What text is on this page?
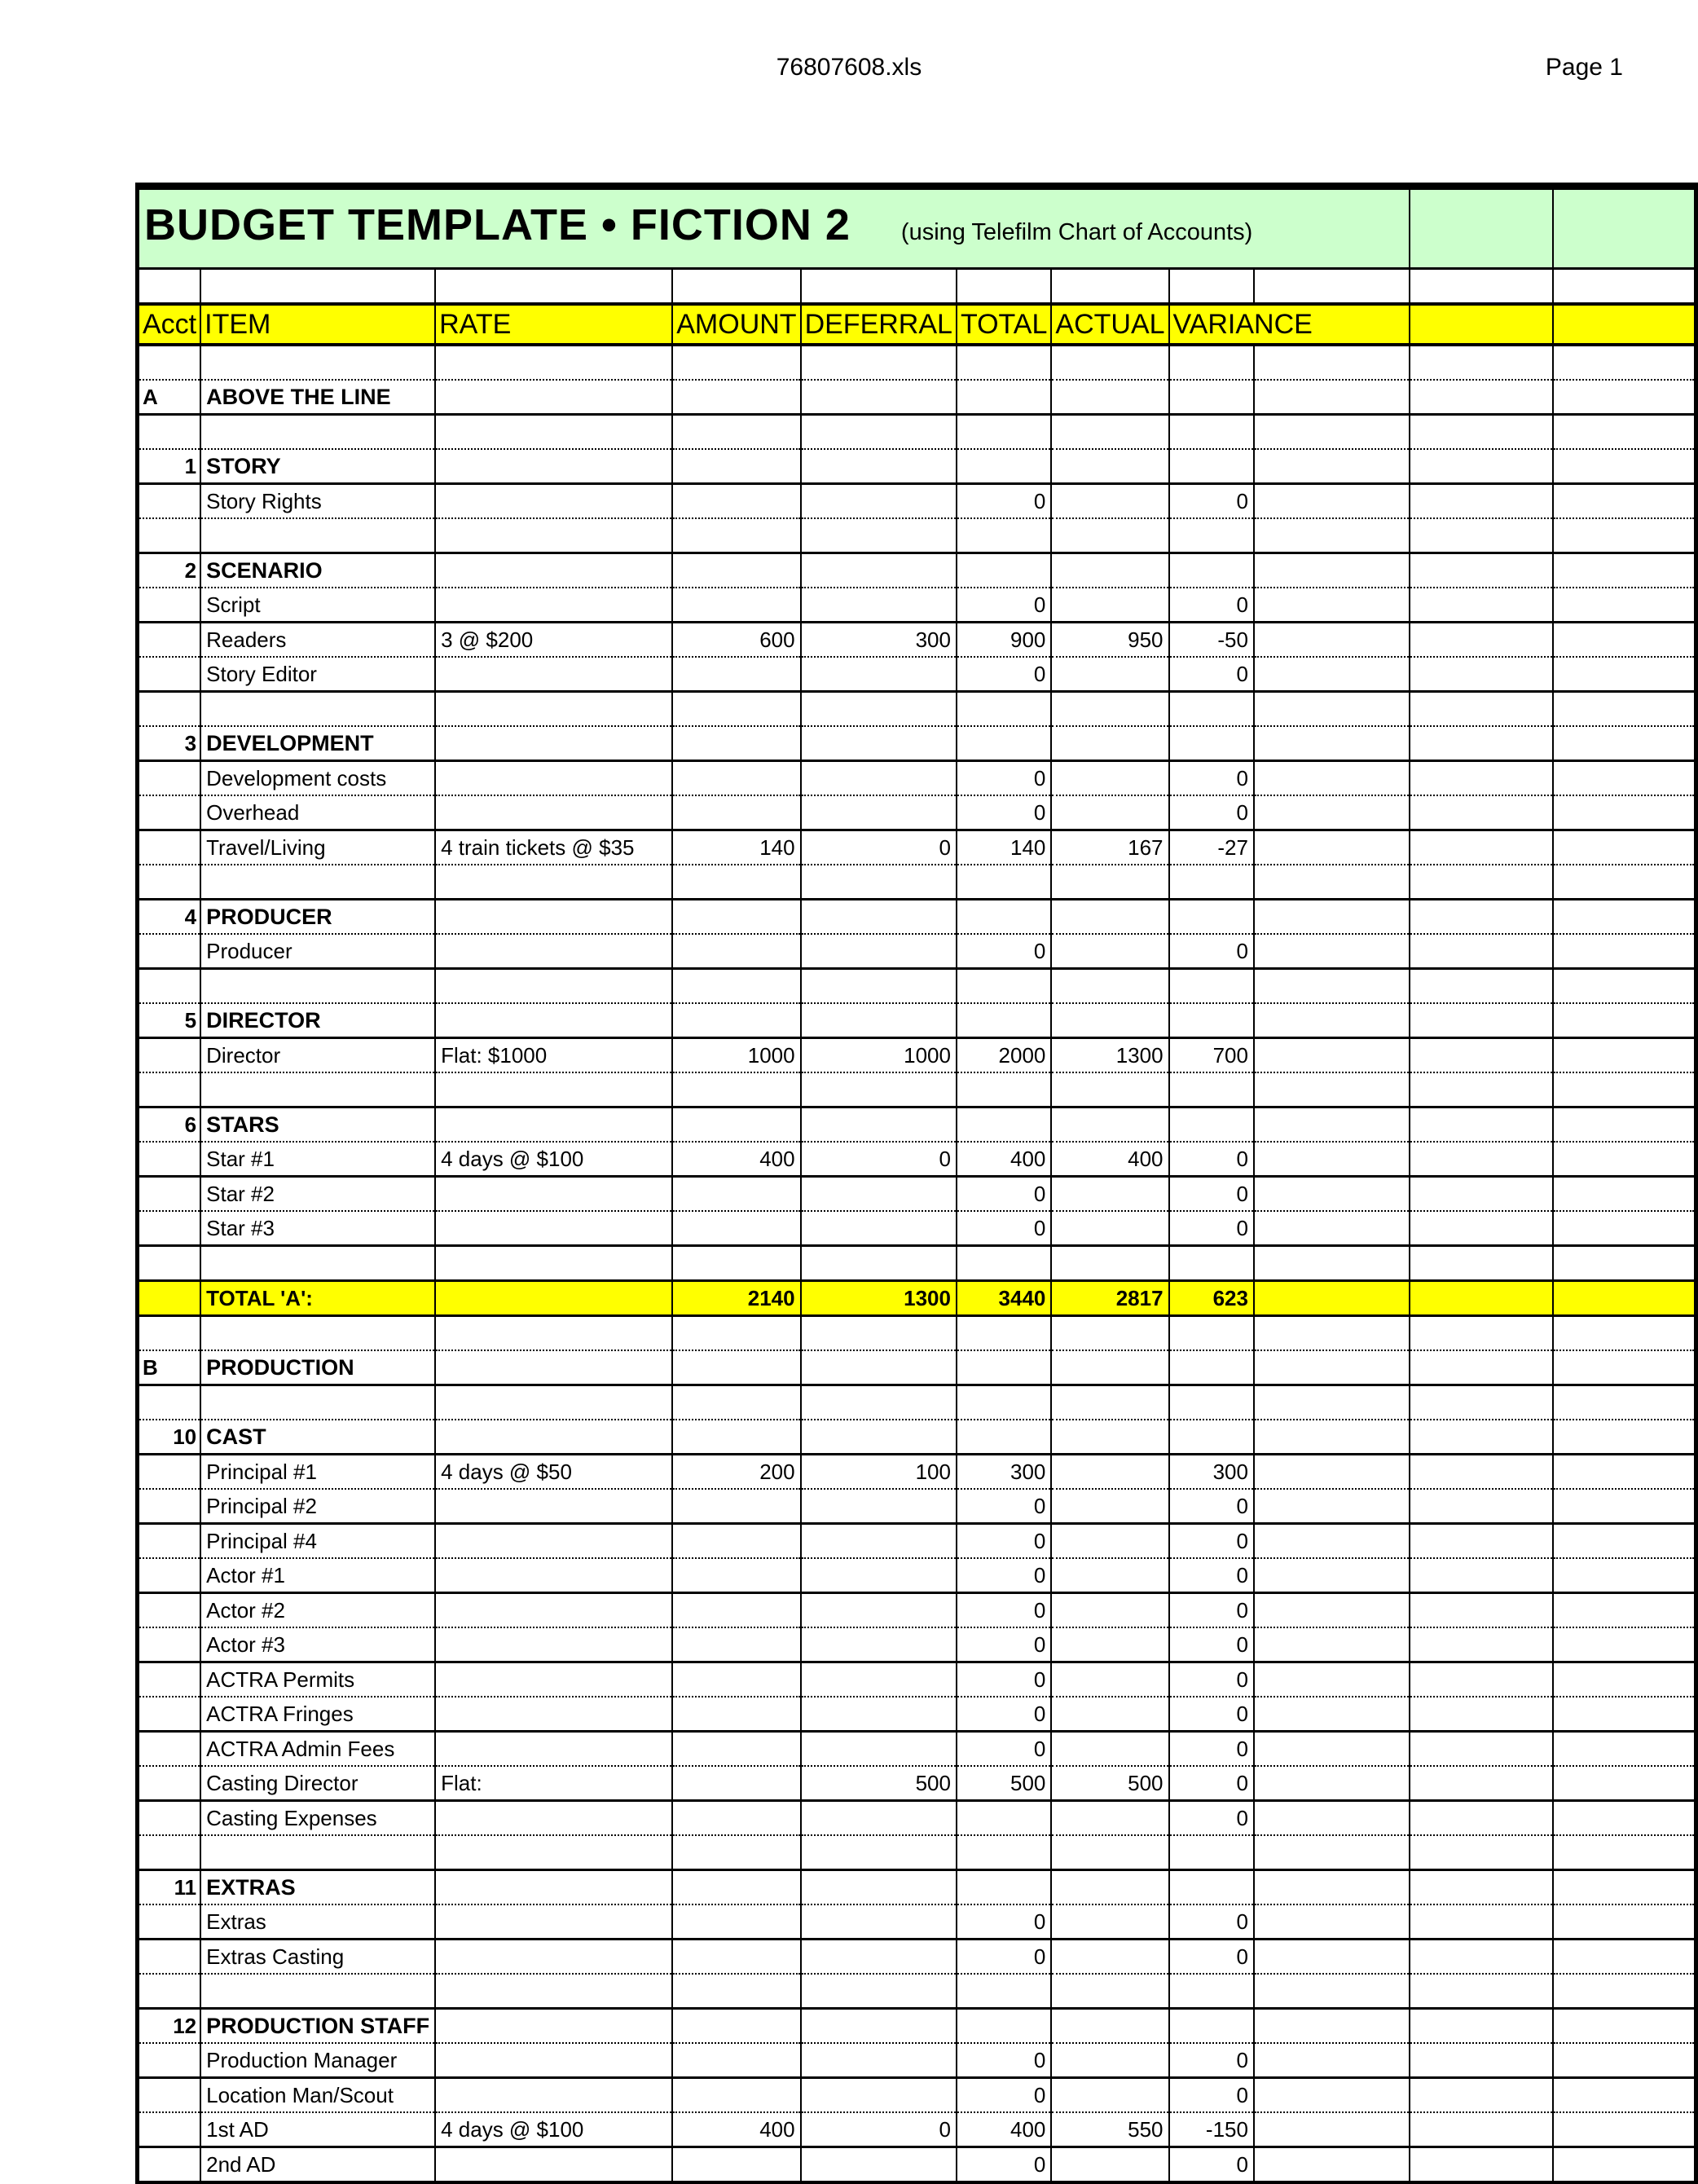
76807608.xls	Page 1
BUDGET TEMPLATE • FICTION 2 (using Telefilm Chart of Accounts)										

Acct	ITEM	RATE	AMOUNT	DEFERRAL	TOTAL	ACTUAL	VARIANCE			

A	ABOVE THE LINE									

1	STORY									
	Story Rights				0		0			

2	SCENARIO									
	Script				0		0			
	Readers	3 @ $200	600	300	900	950	-50			
	Story Editor				0		0			

3	DEVELOPMENT									
	Development costs				0		0			
	Overhead				0		0			
	Travel/Living	4 train tickets @ $35	140	0	140	167	-27			

4	PRODUCER									
	Producer				0		0			

5	DIRECTOR									
	Director	Flat: $1000	1000	1000	2000	1300	700			

6	STARS									
	Star #1	4 days @ $100	400	0	400	400	0			
	Star #2				0		0			
	Star #3				0		0			

	TOTAL 'A':		2140	1300	3440	2817	623			

B	PRODUCTION									

10	CAST									
	Principal #1	4 days @ $50	200	100	300		300			
	Principal #2				0		0			
	Principal #4				0		0			
	Actor #1				0		0			
	Actor #2				0		0			
	Actor #3				0		0			
	ACTRA Permits				0		0			
	ACTRA Fringes				0		0			
	ACTRA Admin Fees				0		0			
	Casting Director	Flat:		500	500	500	0			
	Casting Expenses						0			

11	EXTRAS									
	Extras				0		0			
	Extras Casting				0		0			

12	PRODUCTION STAFF									
	Production Manager				0		0			
	Location Man/Scout				0		0			
	1st AD	4 days @ $100	400	0	400	550	-150			
	2nd AD				0		0			
